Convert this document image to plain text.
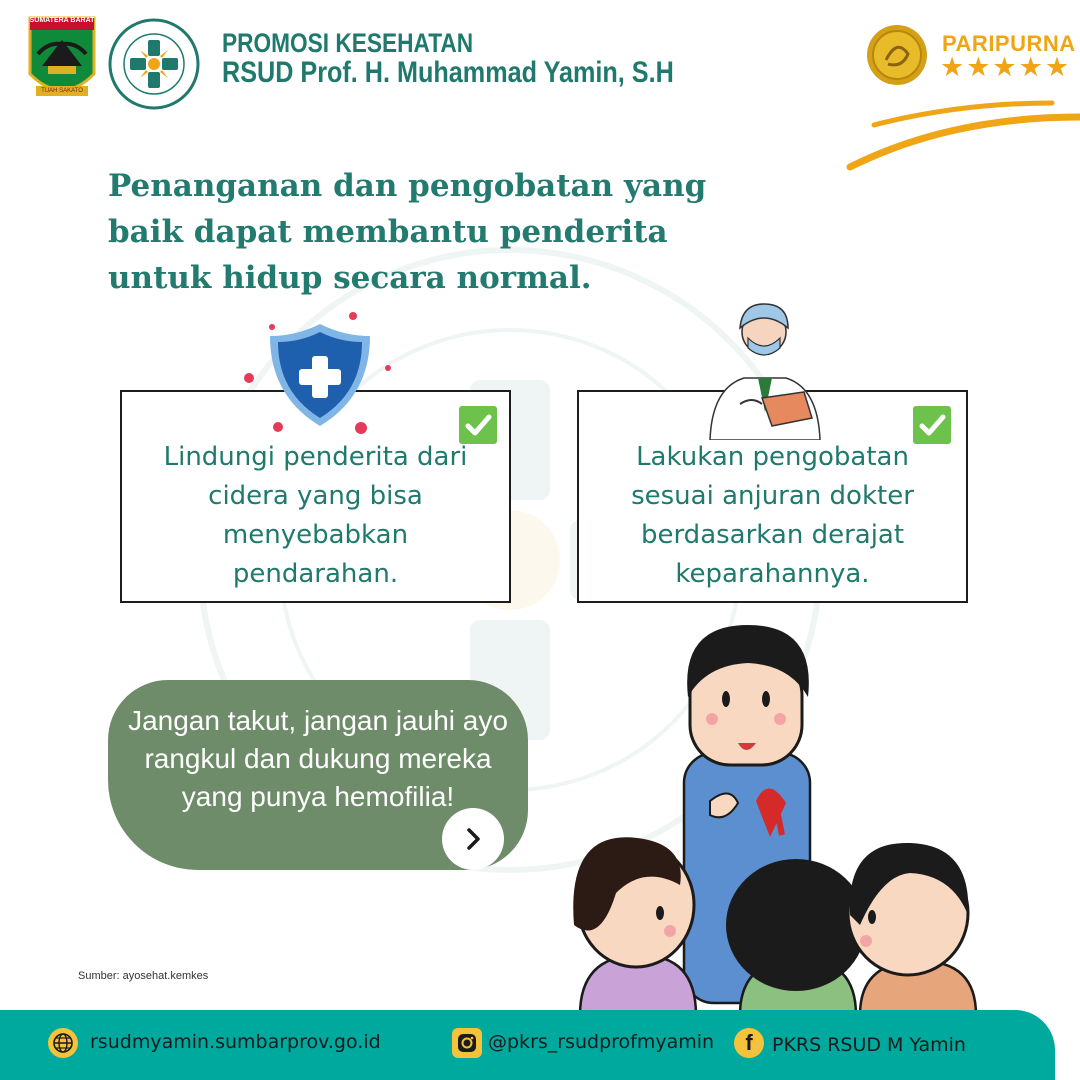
SUMATERA BARAT
TUAH SAKATO
PROMOSI KESEHATAN
RSUD Prof. H. Muhammad Yamin, S.H
PARIPURNA
★★★★★
Penanganan dan pengobatan yang baik dapat membantu penderita untuk hidup secara normal.
Lindungi penderita dari cidera yang bisa menyebabkan pendarahan.
Lakukan pengobatan sesuai anjuran dokter berdasarkan derajat keparahannya.
Jangan takut, jangan jauhi ayo rangkul dan dukung mereka yang punya hemofilia!
Sumber: ayosehat.kemkes
rsudmyamin.sumbarprov.go.id	@pkrs_rsudprofmyamin f PKRS RSUD M Yamin
